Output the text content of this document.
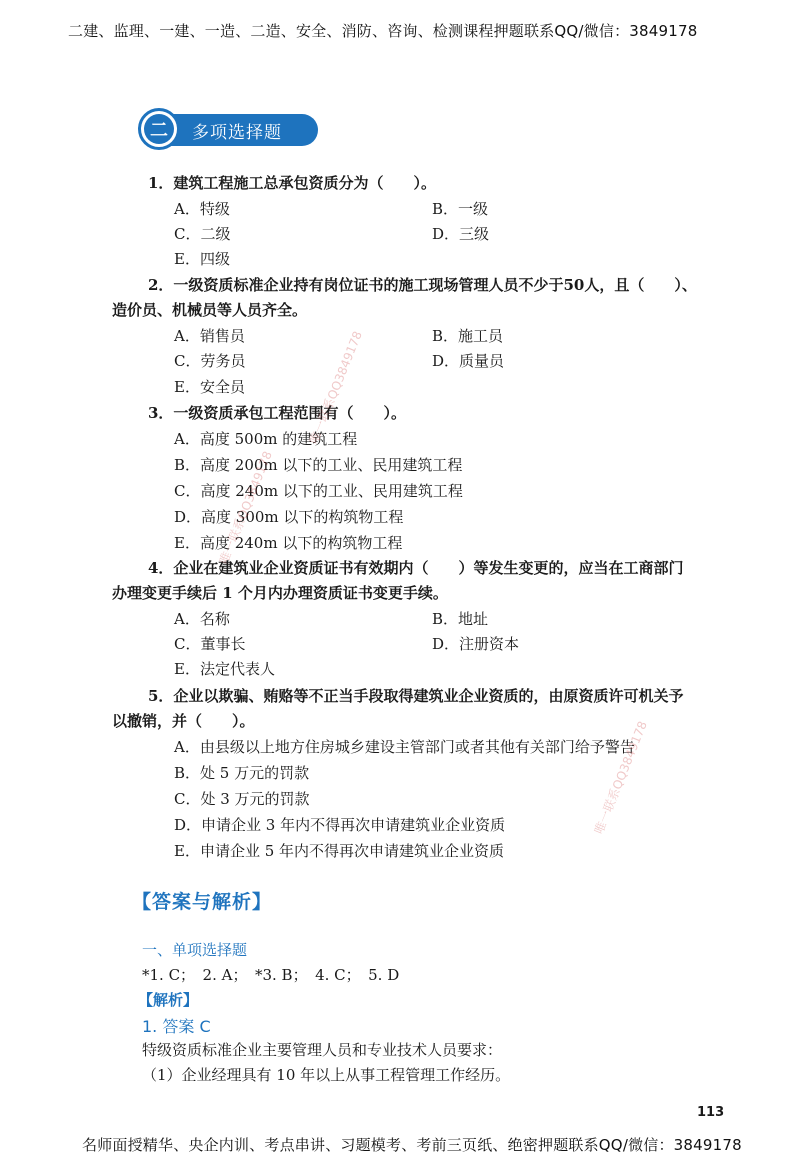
二建、监理、一建、一造、二造、安全、消防、咨询、检测课程押题联系QQ/微信：3849178
二	多项选择题
1．建筑工程施工总承包资质分为（　　）。
A．特级	B．一级
C．二级	D．三级
E．四级
2．一级资质标准企业持有岗位证书的施工现场管理人员不少于50人，且（　　）、
造价员、机械员等人员齐全。
A．销售员	B．施工员
C．劳务员	D．质量员
E．安全员
3．一级资质承包工程范围有（　　）。
A．高度 500m 的建筑工程
B．高度 200m 以下的工业、民用建筑工程
C．高度 240m 以下的工业、民用建筑工程
D．高度 300m 以下的构筑物工程
E．高度 240m 以下的构筑物工程
4．企业在建筑业企业资质证书有效期内（　　）等发生变更的，应当在工商部门
办理变更手续后 1 个月内办理资质证书变更手续。
A．名称	B．地址
C．董事长	D．注册资本
E．法定代表人
5．企业以欺骗、贿赂等不正当手段取得建筑业企业资质的，由原资质许可机关予
以撤销，并（　　）。
A．由县级以上地方住房城乡建设主管部门或者其他有关部门给予警告
B．处 5 万元的罚款
C．处 3 万元的罚款
D．申请企业 3 年内不得再次申请建筑业企业资质
E．申请企业 5 年内不得再次申请建筑业企业资质
【答案与解析】
一、单项选择题
*1. C；　2. A；　*3. B；　4. C；　5. D
【解析】
1. 答案 C
特级资质标准企业主要管理人员和专业技术人员要求：
（1）企业经理具有 10 年以上从事工程管理工作经历。
唯一联系QQ3849178
唯一联系QQ3849178
唯一联系QQ3849178
113
名师面授精华、央企内训、考点串讲、习题模考、考前三页纸、绝密押题联系QQ/微信：3849178
